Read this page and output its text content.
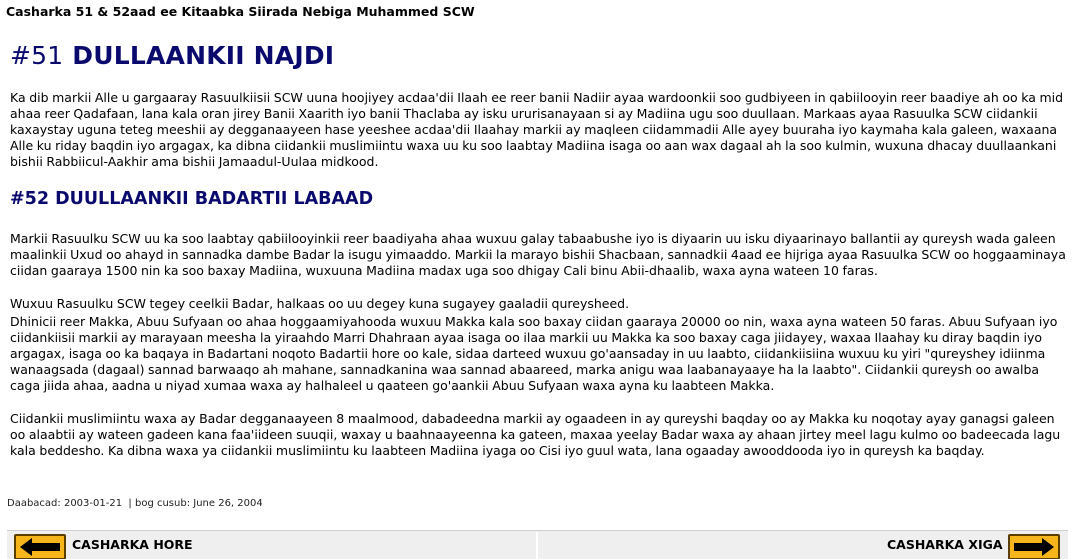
Casharka 51 & 52aad ee Kitaabka Siirada Nebiga Muhammed SCW
#51 DULLAANKII NAJDI

Ka dib markii Alle u gargaaray Rasuulkiisii SCW uuna hoojiyey acdaa'dii Ilaah ee reer banii Nadiir ayaa wardoonkii soo gudbiyeen in qabiilooyin reer baadiye ah oo ka mid ahaa reer Qadafaan, lana kala oran jirey Banii Xaarith iyo banii Thaclaba ay isku ururisanayaan si ay Madiina ugu soo duullaan. Markaas ayaa Rasuulka SCW ciidankii kaxaystay uguna teteg meeshii ay degganaayeen hase yeeshee acdaa'dii Ilaahay markii ay maqleen ciidammadii Alle ayey buuraha iyo kaymaha kala galeen, waxaana Alle ku riday baqdin iyo argagax, ka dibna ciidankii muslimiintu waxa uu ku soo laabtay Madiina isaga oo aan wax dagaal ah la soo kulmin, wuxuna dhacay duullaankani bishii Rabbiicul-Aakhir ama bishii Jamaadul-Uulaa midkood.

#52 DUULLAANKII BADARTII LABAAD

Markii Rasuulku SCW uu ka soo laabtay qabiilooyinkii reer baadiyaha ahaa wuxuu galay tabaabushe iyo is diyaarin uu isku diyaarinayo ballantii ay qureysh wada galeen maalinkii Uxud oo ahayd in sannadka dambe Badar la isugu yimaaddo. Markii la marayo bishii Shacbaan, sannadkii 4aad ee hijriga ayaa Rasuulka SCW oo hoggaaminaya ciidan gaaraya 1500 nin ka soo baxay Madiina, wuxuuna Madiina madax uga soo dhigay Cali binu Abii-dhaalib, waxa ayna wateen 10 faras.

Wuxuu Rasuulku SCW tegey ceelkii Badar, halkaas oo uu degey kuna sugayey gaaladii qureysheed.

Dhinicii reer Makka, Abuu Sufyaan oo ahaa hoggaamiyahooda wuxuu Makka kala soo baxay ciidan gaaraya 20000 oo nin, waxa ayna wateen 50 faras. Abuu Sufyaan iyo ciidankiisii markii ay marayaan meesha la yiraahdo Marri Dhahraan ayaa isaga oo ilaa markii uu Makka ka soo baxay caga jiidayey, waxaa Ilaahay ku diray baqdin iyo argagax, isaga oo ka baqaya in Badartani noqoto Badartii hore oo kale, sidaa darteed wuxuu go'aansaday in uu laabto, ciidankiisiina wuxuu ku yiri "qureyshey idiinma wanaagsada (dagaal) sannad barwaaqo ah mahane, sannadkanina waa sannad abaareed, marka anigu waa laabanayaaye ha la laabto". Ciidankii qureysh oo awalba caga jiida ahaa, aadna u niyad xumaa waxa ay halhaleel u qaateen go'aankii Abuu Sufyaan waxa ayna ku laabteen Makka.

Ciidankii muslimiintu waxa ay Badar degganaayeen 8 maalmood, dabadeedna markii ay ogaadeen in ay qureyshi baqday oo ay Makka ku noqotay ayay ganagsi galeen oo alaabtii ay wateen gadeen kana faa'iideen suuqii, waxay u baahnaayeenna ka gateen, maxaa yeelay Badar waxa ay ahaan jirtey meel lagu kulmo oo badeecada lagu kala beddesho. Ka dibna waxa ya ciidankii muslimiintu ku laabteen Madiina iyaga oo Cisi iyo guul wata, lana ogaaday awooddooda iyo in qureysh ka baqday.

Daabacad: 2003-01-21  | bog cusub: June 26, 2004
CASHARKA HORE	CASHARKA XIGA
